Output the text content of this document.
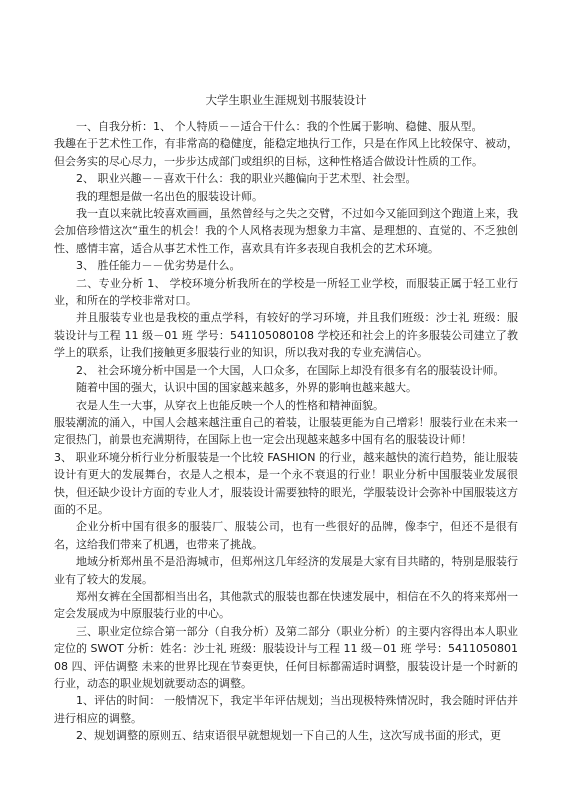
大学生职业生涯规划书服装设计

一、自我分析：1、 个人特质－－适合干什么：我的个性属于影响、稳健、服从型。

我趣在于艺术性工作，有非常高的稳健度，能稳定地执行工作，只是在作风上比较保守、被动，但会务实的尽心尽力，一步步达成部门或组织的目标，这种性格适合做设计性质的工作。

2、 职业兴趣－－喜欢干什么：我的职业兴趣偏向于艺术型、社会型。

我的理想是做一名出色的服装设计师。

我一直以来就比较喜欢画画，虽然曾经与之失之交臂，不过如今又能回到这个跑道上来，我会加倍珍惜这次“重生的机会！我的个人风格表现为想象力丰富、是理想的、直觉的、不乏独创性、感情丰富，适合从事艺术性工作，喜欢具有许多表现自我机会的艺术环境。

3、 胜任能力－－优劣势是什么。

二、专业分析 1、 学校环境分析我所在的学校是一所轻工业学校，而服装正属于轻工业行业，和所在的学校非常对口。

并且服装专业也是我校的重点学科，有较好的学习环境，并且我们班级：沙士礼 班级：服装设计与工程 11 级－01 班 学号：541105080108 学校还和社会上的许多服装公司建立了教学上的联系，让我们接触更多服装行业的知识，所以我对我的专业充满信心。

2、 社会环境分析中国是一个大国，人口众多，在国际上却没有很多有名的服装设计师。

随着中国的强大，认识中国的国家越来越多，外界的影响也越来越大。

衣是人生一大事，从穿衣上也能反映一个人的性格和精神面貌。

服装潮流的涌入，中国人会越来越注重自己的着装，让服装更能为自己增彩！服装行业在未来一定很热门，前景也充满期待，在国际上也一定会出现越来越多中国有名的服装设计师！

3、 职业环境分析行业分析服装是一个比较 FASHION 的行业，越来越快的流行趋势，能让服装设计有更大的发展舞台，衣是人之根本，是一个永不衰退的行业！职业分析中国服装业发展很快，但还缺少设计方面的专业人才，服装设计需要独特的眼光，学服装设计会弥补中国服装这方面的不足。

企业分析中国有很多的服装厂、服装公司，也有一些很好的品牌，像李宁，但还不是很有名，这给我们带来了机遇，也带来了挑战。

地域分析郑州虽不是沿海城市，但郑州这几年经济的发展是大家有目共睹的，特别是服装行业有了较大的发展。

郑州女裤在全国都相当出名，其他款式的服装也都在快速发展中，相信在不久的将来郑州一定会发展成为中原服装行业的中心。

三、职业定位综合第一部分（自我分析）及第二部分（职业分析）的主要内容得出本人职业定位的 SWOT 分析：姓名：沙士礼 班级：服装设计与工程 11 级－01 班 学号：541105080108 四、评估调整 未来的世界比现在节奏更快，任何目标都需适时调整，服装设计是一个时新的行业，动态的职业规划就要动态的调整。

1、评估的时间： 一般情况下，我定半年评估规划；当出现极特殊情况时，我会随时评估并进行相应的调整。

2、规划调整的原则五、结束语很早就想规划一下自己的人生，这次写成书面的形式，更
